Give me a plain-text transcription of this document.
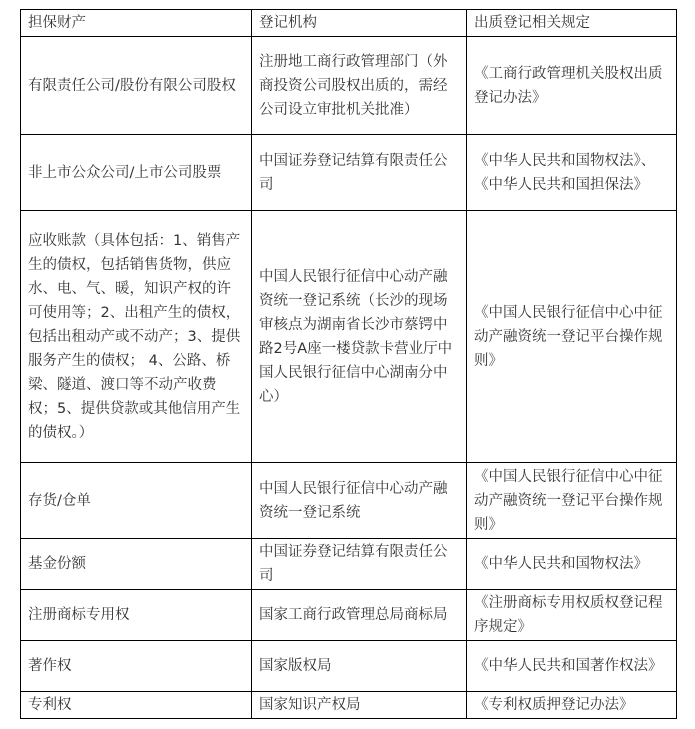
担保财产	登记机构	出质登记相关规定
有限责任公司/股份有限公司股权	注册地工商行政管理部门（外商投资公司股权出质的，需经公司设立审批机关批准）	《工商行政管理机关股权出质登记办法》
非上市公众公司/上市公司股票	中国证券登记结算有限责任公司	《中华人民共和国物权法》、《中华人民共和国担保法》
应收账款（具体包括：1、销售产生的债权，包括销售货物，供应水、电、气、暖，知识产权的许可使用等；2、出租产生的债权，包括出租动产或不动产；3、提供服务产生的债权； 4、公路、桥梁、隧道、渡口等不动产收费权；5、提供贷款或其他信用产生的债权。）	中国人民银行征信中心动产融资统一登记系统（长沙的现场审核点为湖南省长沙市蔡锷中路2号A座一楼贷款卡营业厅中国人民银行征信中心湖南分中心）	《中国人民银行征信中心中征动产融资统一登记平台操作规则》
存货/仓单	中国人民银行征信中心动产融资统一登记系统	《中国人民银行征信中心中征动产融资统一登记平台操作规则》
基金份额	中国证券登记结算有限责任公司	《中华人民共和国物权法》
注册商标专用权	国家工商行政管理总局商标局	《注册商标专用权质权登记程序规定》
著作权	国家版权局	《中华人民共和国著作权法》
专利权	国家知识产权局	《专利权质押登记办法》
